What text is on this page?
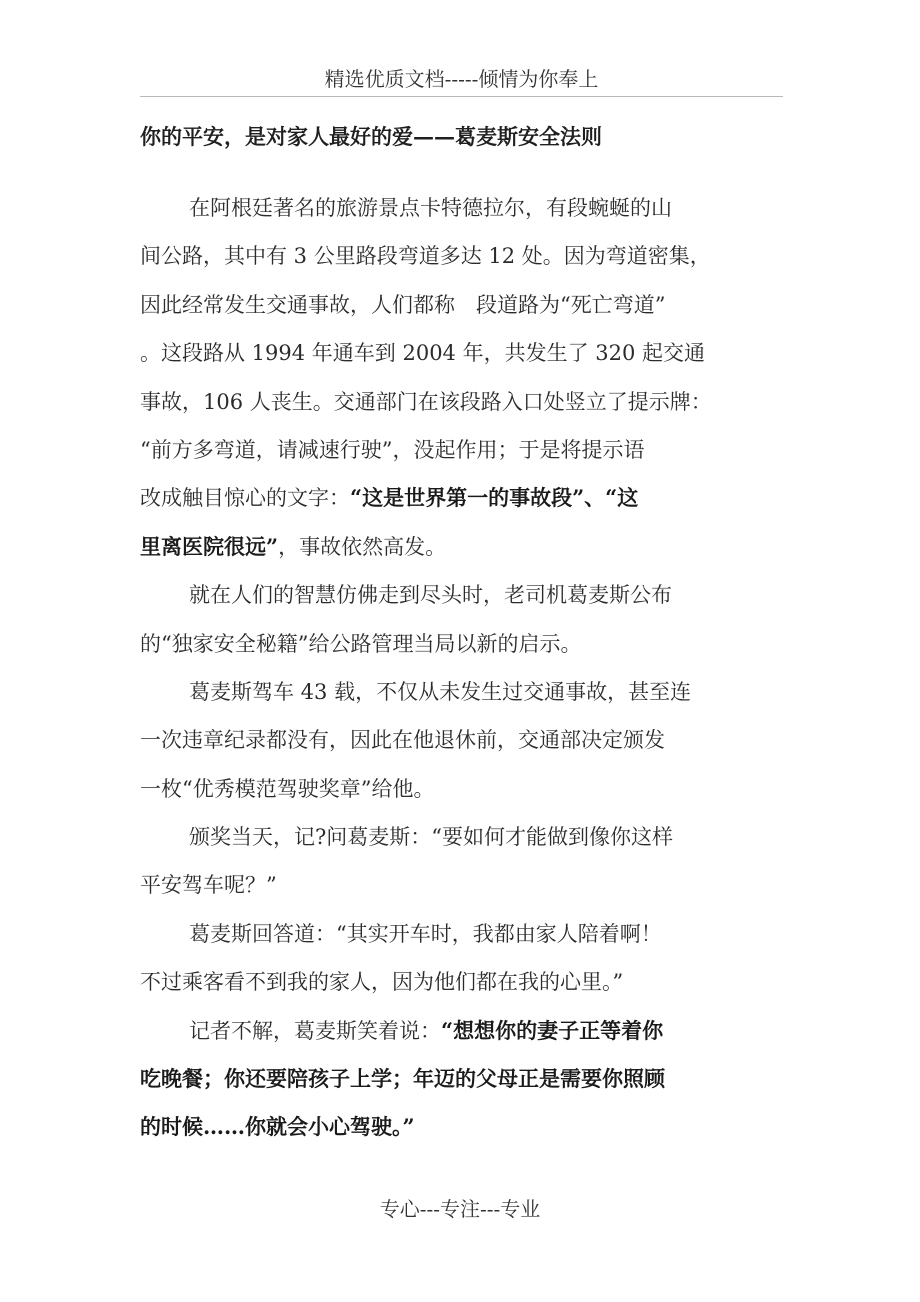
精选优质文档-----倾情为你奉上
你的平安，是对家人最好的爱——葛麦斯安全法则
在阿根廷著名的旅游景点卡特德拉尔，有段蜿蜒的山
间公路，其中有 3 公里路段弯道多达 12 处。因为弯道密集，
因此经常发生交通事故，人们都称 段道路为“死亡弯道”
。这段路从 1994 年通车到 2004 年，共发生了 320 起交通
事故，106 人丧生。交通部门在该段路入口处竖立了提示牌：
“前方多弯道，请减速行驶”，没起作用；于是将提示语
改成触目惊心的文字：“这是世界第一的事故段”、“这
里离医院很远”，事故依然高发。
就在人们的智慧仿佛走到尽头时，老司机葛麦斯公布
的“独家安全秘籍”给公路管理当局以新的启示。
葛麦斯驾车 43 载，不仅从未发生过交通事故，甚至连
一次违章纪录都没有，因此在他退休前，交通部决定颁发
一枚“优秀模范驾驶奖章”给他。
颁奖当天，记?问葛麦斯：“要如何才能做到像你这样
平安驾车呢？”
葛麦斯回答道：“其实开车时，我都由家人陪着啊！
不过乘客看不到我的家人，因为他们都在我的心里。”
记者不解，葛麦斯笑着说：“想想你的妻子正等着你
吃晚餐；你还要陪孩子上学；年迈的父母正是需要你照顾
的时候……你就会小心驾驶。”
专心---专注---专业
